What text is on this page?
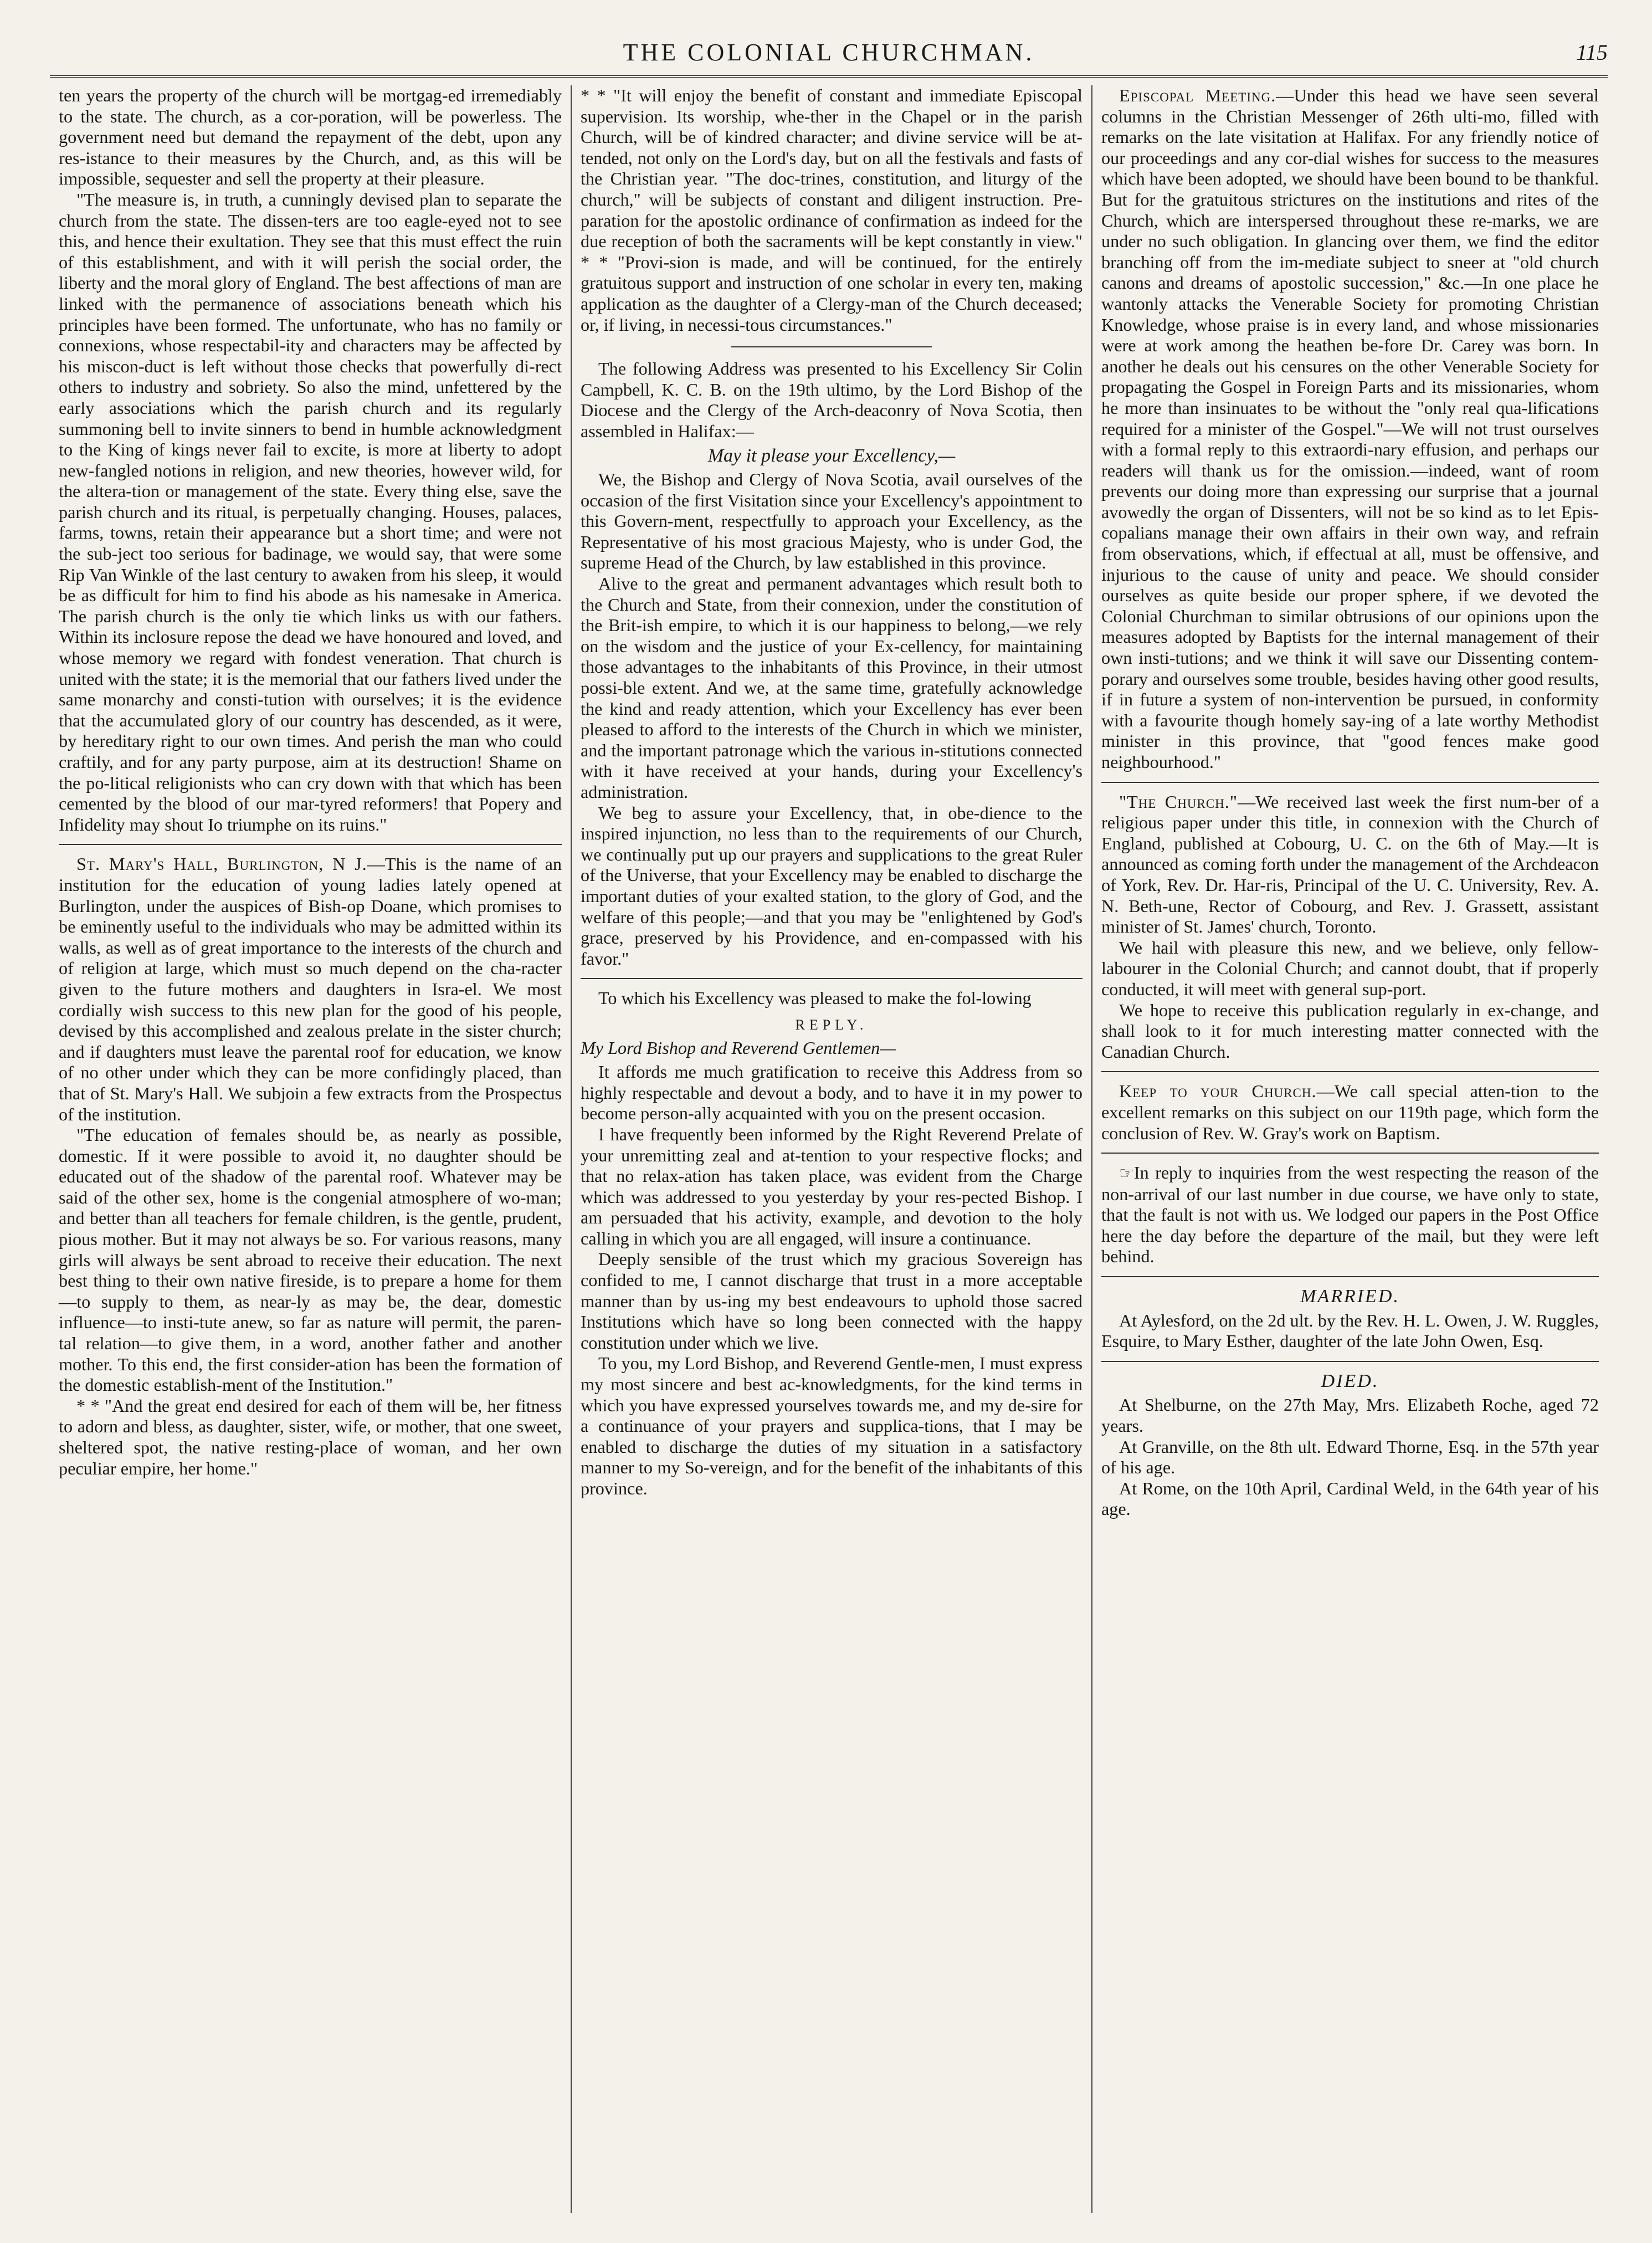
THE COLONIAL CHURCHMAN.	115

ten years the property of the church will be mortgag-ed irremediably to the state. The church, as a cor-poration, will be powerless. The government need but demand the repayment of the debt, upon any res-istance to their measures by the Church, and, as this will be impossible, sequester and sell the property at their pleasure.

"The measure is, in truth, a cunningly devised plan to separate the church from the state. The dissen-ters are too eagle-eyed not to see this, and hence their exultation. They see that this must effect the ruin of this establishment, and with it will perish the social order, the liberty and the moral glory of England. The best affections of man are linked with the permanence of associations beneath which his principles have been formed. The unfortunate, who has no family or connexions, whose respectabil-ity and characters may be affected by his miscon-duct is left without those checks that powerfully di-rect others to industry and sobriety. So also the mind, unfettered by the early associations which the parish church and its regularly summoning bell to invite sinners to bend in humble acknowledgment to the King of kings never fail to excite, is more at liberty to adopt new-fangled notions in religion, and new theories, however wild, for the altera-tion or management of the state. Every thing else, save the parish church and its ritual, is perpetually changing. Houses, palaces, farms, towns, retain their appearance but a short time; and were not the sub-ject too serious for badinage, we would say, that were some Rip Van Winkle of the last century to awaken from his sleep, it would be as difficult for him to find his abode as his namesake in America. The parish church is the only tie which links us with our fathers. Within its inclosure repose the dead we have honoured and loved, and whose memory we regard with fondest veneration. That church is united with the state; it is the memorial that our fathers lived under the same monarchy and consti-tution with ourselves; it is the evidence that the accumulated glory of our country has descended, as it were, by hereditary right to our own times. And perish the man who could craftily, and for any party purpose, aim at its destruction! Shame on the po-litical religionists who can cry down with that which has been cemented by the blood of our mar-tyred reformers! that Popery and Infidelity may shout Io triumphe on its ruins."

St. Mary's Hall, Burlington, N J.—This is the name of an institution for the education of young ladies lately opened at Burlington, under the auspices of Bish-op Doane, which promises to be eminently useful to the individuals who may be admitted within its walls, as well as of great importance to the interests of the church and of religion at large, which must so much depend on the cha-racter given to the future mothers and daughters in Isra-el. We most cordially wish success to this new plan for the good of his people, devised by this accomplished and zealous prelate in the sister church; and if daughters must leave the parental roof for education, we know of no other under which they can be more confidingly placed, than that of St. Mary's Hall. We subjoin a few extracts from the Prospectus of the institution.

"The education of females should be, as nearly as possible, domestic. If it were possible to avoid it, no daughter should be educated out of the shadow of the parental roof. Whatever may be said of the other sex, home is the congenial atmosphere of wo-man; and better than all teachers for female children, is the gentle, prudent, pious mother. But it may not always be so. For various reasons, many girls will always be sent abroad to receive their education. The next best thing to their own native fireside, is to prepare a home for them—to supply to them, as near-ly as may be, the dear, domestic influence—to insti-tute anew, so far as nature will permit, the paren-tal relation—to give them, in a word, another father and another mother. To this end, the first consider-ation has been the formation of the domestic establish-ment of the Institution."

* * "And the great end desired for each of them will be, her fitness to adorn and bless, as daughter, sister, wife, or mother, that one sweet, sheltered spot, the native resting-place of woman, and her own peculiar empire, her home."

* * "It will enjoy the benefit of constant and immediate Episcopal supervision. Its worship, whe-ther in the Chapel or in the parish Church, will be of kindred character; and divine service will be at-tended, not only on the Lord's day, but on all the festivals and fasts of the Christian year. "The doc-trines, constitution, and liturgy of the church," will be subjects of constant and diligent instruction. Pre-paration for the apostolic ordinance of confirmation as indeed for the due reception of both the sacraments will be kept constantly in view." * * "Provi-sion is made, and will be continued, for the entirely gratuitous support and instruction of one scholar in every ten, making application as the daughter of a Clergy-man of the Church deceased; or, if living, in necessi-tous circumstances."

The following Address was presented to his Excellency Sir Colin Campbell, K. C. B. on the 19th ultimo, by the Lord Bishop of the Diocese and the Clergy of the Arch-deaconry of Nova Scotia, then assembled in Halifax:—

May it please your Excellency,—

We, the Bishop and Clergy of Nova Scotia, avail ourselves of the occasion of the first Visitation since your Excellency's appointment to this Govern-ment, respectfully to approach your Excellency, as the Representative of his most gracious Majesty, who is under God, the supreme Head of the Church, by law established in this province.

Alive to the great and permanent advantages which result both to the Church and State, from their connexion, under the constitution of the Brit-ish empire, to which it is our happiness to belong,—we rely on the wisdom and the justice of your Ex-cellency, for maintaining those advantages to the inhabitants of this Province, in their utmost possi-ble extent. And we, at the same time, gratefully acknowledge the kind and ready attention, which your Excellency has ever been pleased to afford to the interests of the Church in which we minister, and the important patronage which the various in-stitutions connected with it have received at your hands, during your Excellency's administration.

We beg to assure your Excellency, that, in obe-dience to the inspired injunction, no less than to the requirements of our Church, we continually put up our prayers and supplications to the great Ruler of the Universe, that your Excellency may be enabled to discharge the important duties of your exalted station, to the glory of God, and the welfare of this people;—and that you may be "enlightened by God's grace, preserved by his Providence, and en-compassed with his favor."

To which his Excellency was pleased to make the fol-lowing

REPLY.

My Lord Bishop and Reverend Gentlemen—

It affords me much gratification to receive this Address from so highly respectable and devout a body, and to have it in my power to become person-ally acquainted with you on the present occasion.

I have frequently been informed by the Right Reverend Prelate of your unremitting zeal and at-tention to your respective flocks; and that no relax-ation has taken place, was evident from the Charge which was addressed to you yesterday by your res-pected Bishop. I am persuaded that his activity, example, and devotion to the holy calling in which you are all engaged, will insure a continuance.

Deeply sensible of the trust which my gracious Sovereign has confided to me, I cannot discharge that trust in a more acceptable manner than by us-ing my best endeavours to uphold those sacred Institutions which have so long been connected with the happy constitution under which we live.

To you, my Lord Bishop, and Reverend Gentle-men, I must express my most sincere and best ac-knowledgments, for the kind terms in which you have expressed yourselves towards me, and my de-sire for a continuance of your prayers and supplica-tions, that I may be enabled to discharge the duties of my situation in a satisfactory manner to my So-vereign, and for the benefit of the inhabitants of this province.

Episcopal Meeting.—Under this head we have seen several columns in the Christian Messenger of 26th ulti-mo, filled with remarks on the late visitation at Halifax. For any friendly notice of our proceedings and any cor-dial wishes for success to the measures which have been adopted, we should have been bound to be thankful. But for the gratuitous strictures on the institutions and rites of the Church, which are interspersed throughout these re-marks, we are under no such obligation. In glancing over them, we find the editor branching off from the im-mediate subject to sneer at "old church canons and dreams of apostolic succession," &c.—In one place he wantonly attacks the Venerable Society for promoting Christian Knowledge, whose praise is in every land, and whose missionaries were at work among the heathen be-fore Dr. Carey was born. In another he deals out his censures on the other Venerable Society for propagating the Gospel in Foreign Parts and its missionaries, whom he more than insinuates to be without the "only real qua-lifications required for a minister of the Gospel."—We will not trust ourselves with a formal reply to this extraordi-nary effusion, and perhaps our readers will thank us for the omission.—indeed, want of room prevents our doing more than expressing our surprise that a journal avowedly the organ of Dissenters, will not be so kind as to let Epis-copalians manage their own affairs in their own way, and refrain from observations, which, if effectual at all, must be offensive, and injurious to the cause of unity and peace. We should consider ourselves as quite beside our proper sphere, if we devoted the Colonial Churchman to similar obtrusions of our opinions upon the measures adopted by Baptists for the internal management of their own insti-tutions; and we think it will save our Dissenting contem-porary and ourselves some trouble, besides having other good results, if in future a system of non-intervention be pursued, in conformity with a favourite though homely say-ing of a late worthy Methodist minister in this province, that "good fences make good neighbourhood."

"The Church."—We received last week the first num-ber of a religious paper under this title, in connexion with the Church of England, published at Cobourg, U. C. on the 6th of May.—It is announced as coming forth under the management of the Archdeacon of York, Rev. Dr. Har-ris, Principal of the U. C. University, Rev. A. N. Beth-une, Rector of Cobourg, and Rev. J. Grassett, assistant minister of St. James' church, Toronto.

We hail with pleasure this new, and we believe, only fellow-labourer in the Colonial Church; and cannot doubt, that if properly conducted, it will meet with general sup-port.

We hope to receive this publication regularly in ex-change, and shall look to it for much interesting matter connected with the Canadian Church.

Keep to your Church.—We call special atten-tion to the excellent remarks on this subject on our 119th page, which form the conclusion of Rev. W. Gray's work on Baptism.

☞In reply to inquiries from the west respecting the reason of the non-arrival of our last number in due course, we have only to state, that the fault is not with us. We lodged our papers in the Post Office here the day before the departure of the mail, but they were left behind.

MARRIED.

At Aylesford, on the 2d ult. by the Rev. H. L. Owen, J. W. Ruggles, Esquire, to Mary Esther, daughter of the late John Owen, Esq.

DIED.

At Shelburne, on the 27th May, Mrs. Elizabeth Roche, aged 72 years.

At Granville, on the 8th ult. Edward Thorne, Esq. in the 57th year of his age.

At Rome, on the 10th April, Cardinal Weld, in the 64th year of his age.
